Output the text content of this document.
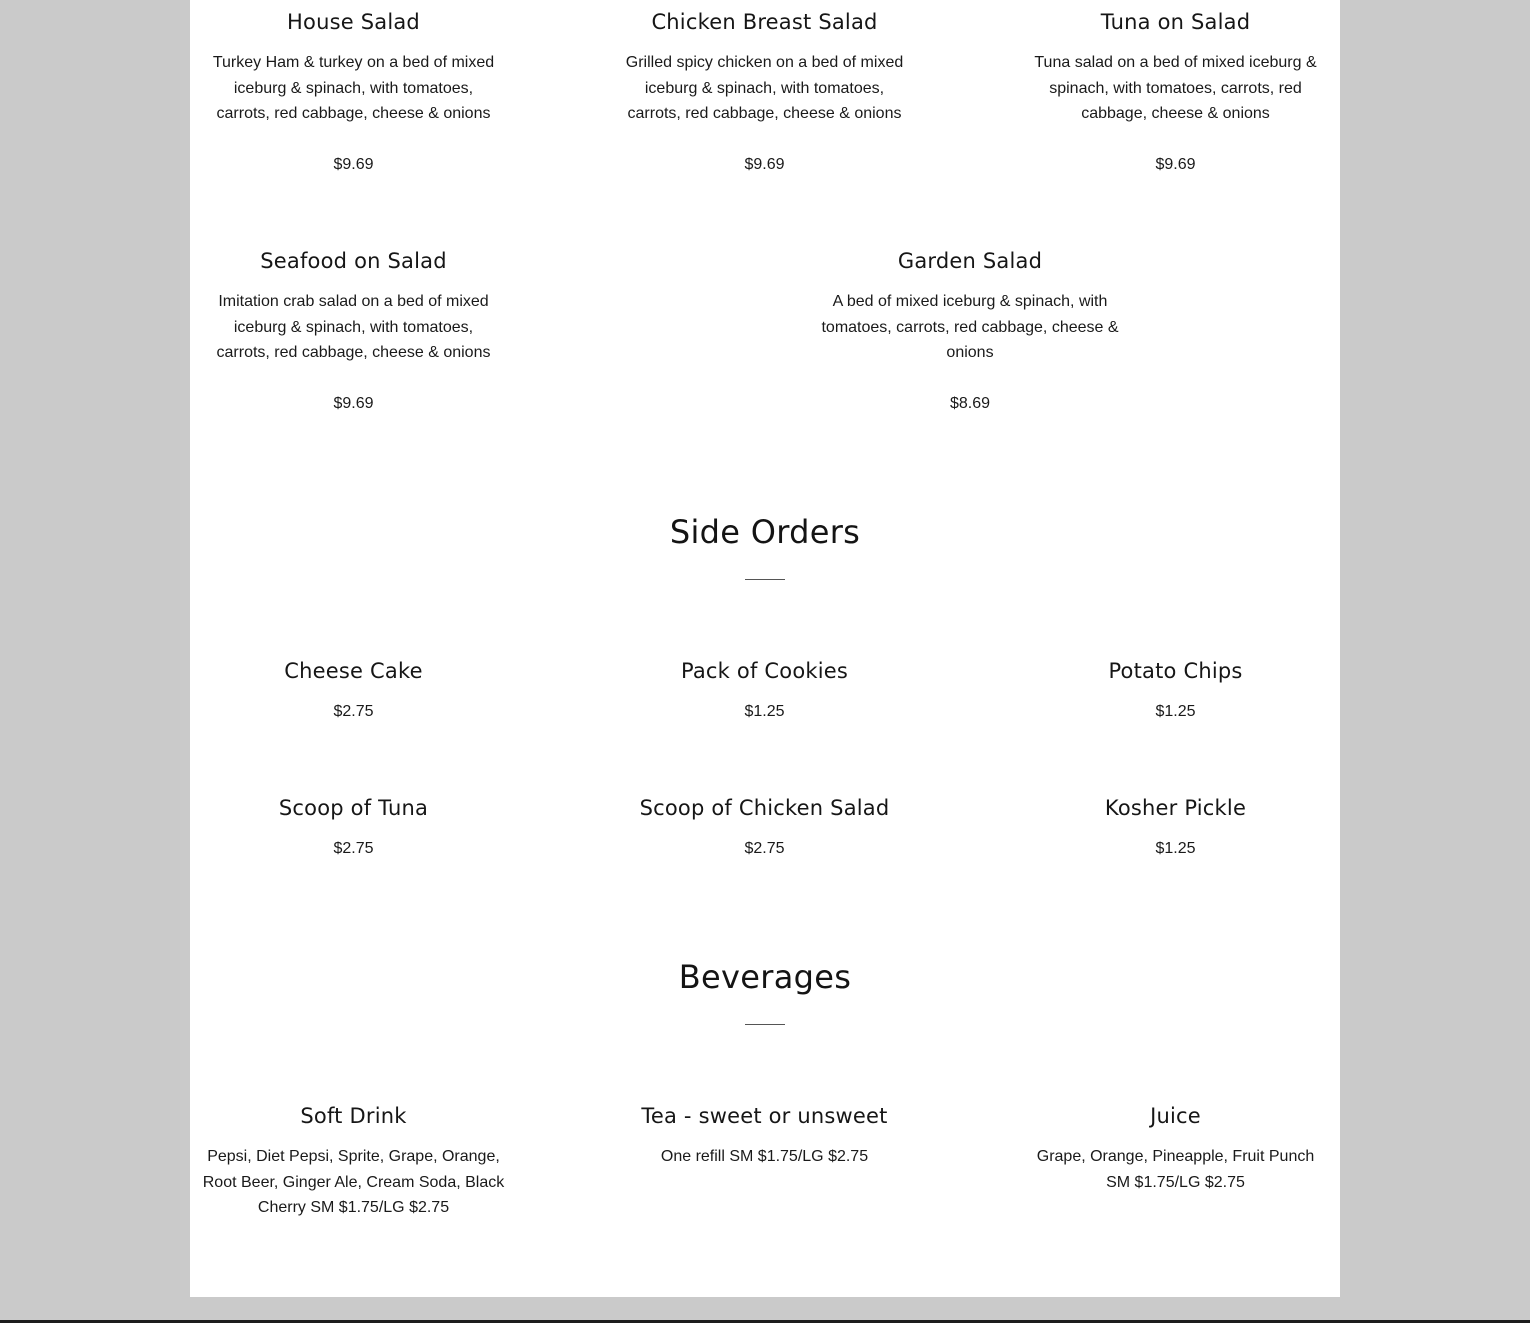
House Salad
Turkey Ham & turkey on a bed of mixed iceburg & spinach, with tomatoes, carrots, red cabbage, cheese & onions
$9.69
Chicken Breast Salad
Grilled spicy chicken on a bed of mixed iceburg & spinach, with tomatoes, carrots, red cabbage, cheese & onions
$9.69
Tuna on Salad
Tuna salad on a bed of mixed iceburg & spinach, with tomatoes, carrots, red cabbage, cheese & onions
$9.69
Seafood on Salad
Imitation crab salad on a bed of mixed iceburg & spinach, with tomatoes, carrots, red cabbage, cheese & onions
$9.69
Garden Salad
A bed of mixed iceburg & spinach, with tomatoes, carrots, red cabbage, cheese & onions
$8.69
Side Orders
Cheese Cake
$2.75
Pack of Cookies
$1.25
Potato Chips
$1.25
Scoop of Tuna
$2.75
Scoop of Chicken Salad
$2.75
Kosher Pickle
$1.25
Beverages
Soft Drink
Pepsi, Diet Pepsi, Sprite, Grape, Orange, Root Beer, Ginger Ale, Cream Soda, Black Cherry SM $1.75/LG $2.75
Tea - sweet or unsweet
One refill SM $1.75/LG $2.75
Juice
Grape, Orange, Pineapple, Fruit Punch SM $1.75/LG $2.75
